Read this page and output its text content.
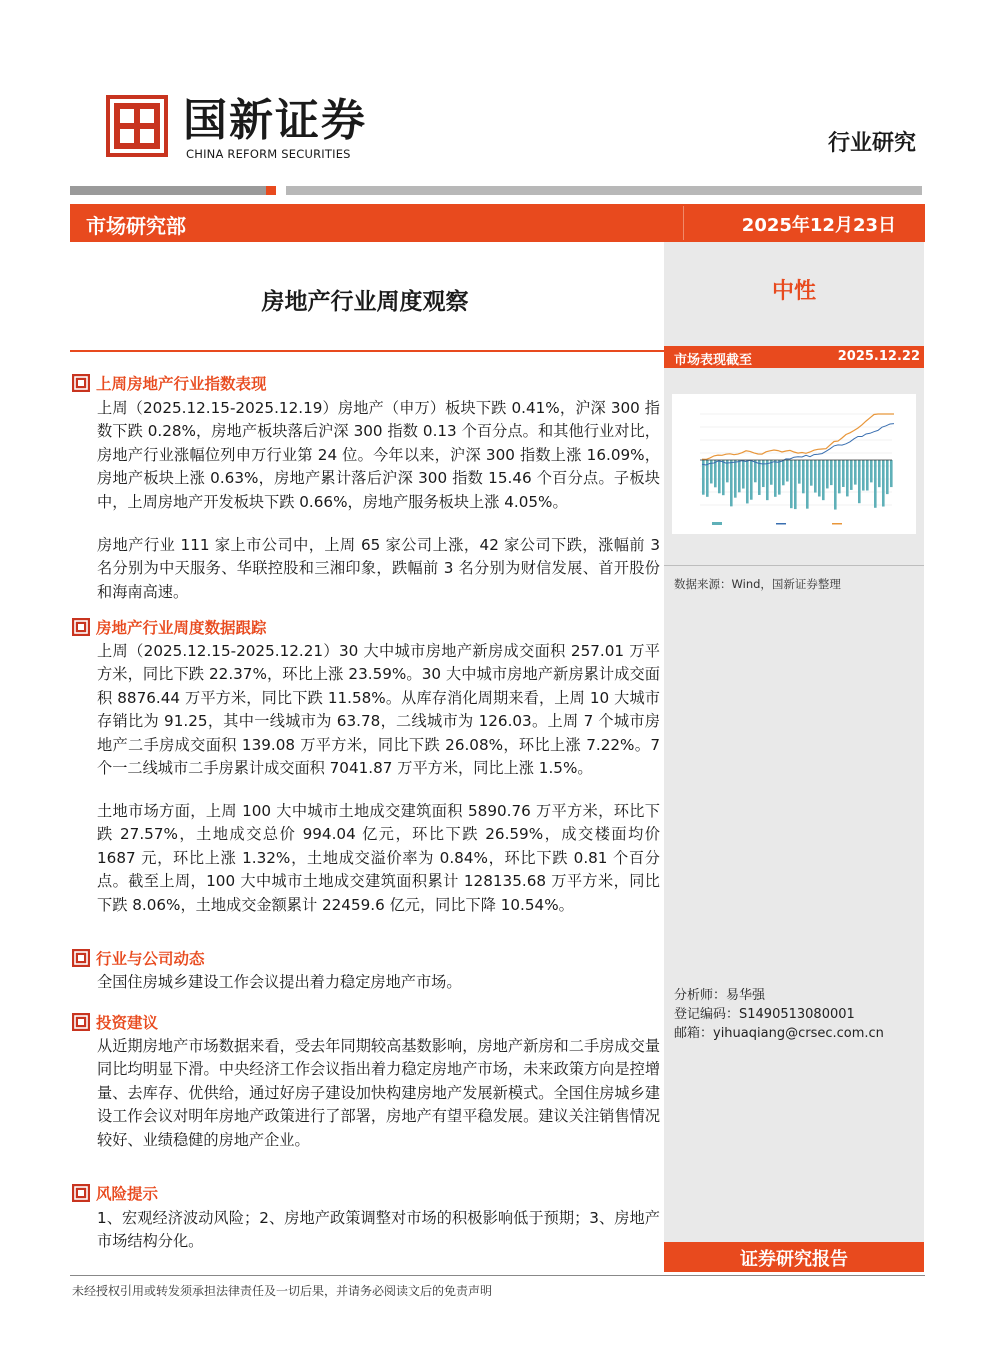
国新证券
CHINA REFORM SECURITIES	行业研究
市场研究部	2025年12月23日
中性
市场表现截至	2025.12.22
数据来源：Wind，国新证券整理
分析师：易华强
登记编码：S1490513080001
邮箱：yihuaqiang@crsec.com.cn
证券研究报告
房地产行业周度观察
上周房地产行业指数表现
上周（2025.12.15-2025.12.19）房地产（申万）板块下跌 0.41%，沪深 300 指数下跌 0.28%，房地产板块落后沪深 300 指数 0.13 个百分点。和其他行业对比，房地产行业涨幅位列申万行业第 24 位。今年以来，沪深 300 指数上涨 16.09%，房地产板块上涨 0.63%，房地产累计落后沪深 300 指数 15.46 个百分点。子板块中，上周房地产开发板块下跌 0.66%，房地产服务板块上涨 4.05%。
房地产行业 111 家上市公司中，上周 65 家公司上涨，42 家公司下跌，涨幅前 3 名分别为中天服务、华联控股和三湘印象，跌幅前 3 名分别为财信发展、首开股份和海南高速。
房地产行业周度数据跟踪
上周（2025.12.15-2025.12.21）30 大中城市房地产新房成交面积 257.01 万平方米，同比下跌 22.37%，环比上涨 23.59%。30 大中城市房地产新房累计成交面积 8876.44 万平方米，同比下跌 11.58%。从库存消化周期来看，上周 10 大城市存销比为 91.25，其中一线城市为 63.78，二线城市为 126.03。上周 7 个城市房地产二手房成交面积 139.08 万平方米，同比下跌 26.08%，环比上涨 7.22%。7 个一二线城市二手房累计成交面积 7041.87 万平方米，同比上涨 1.5%。
土地市场方面，上周 100 大中城市土地成交建筑面积 5890.76 万平方米，环比下跌 27.57%，土地成交总价 994.04 亿元，环比下跌 26.59%，成交楼面均价 1687 元，环比上涨 1.32%，土地成交溢价率为 0.84%，环比下跌 0.81 个百分点。截至上周，100 大中城市土地成交建筑面积累计 128135.68 万平方米，同比下跌 8.06%，土地成交金额累计 22459.6 亿元，同比下降 10.54%。
行业与公司动态
全国住房城乡建设工作会议提出着力稳定房地产市场。
投资建议
从近期房地产市场数据来看，受去年同期较高基数影响，房地产新房和二手房成交量同比均明显下滑。中央经济工作会议指出着力稳定房地产市场，未来政策方向是控增量、去库存、优供给，通过好房子建设加快构建房地产发展新模式。全国住房城乡建设工作会议对明年房地产政策进行了部署，房地产有望平稳发展。建议关注销售情况较好、业绩稳健的房地产企业。
风险提示
1、宏观经济波动风险；2、房地产政策调整对市场的积极影响低于预期；3、房地产市场结构分化。
未经授权引用或转发须承担法律责任及一切后果，并请务必阅读文后的免责声明
